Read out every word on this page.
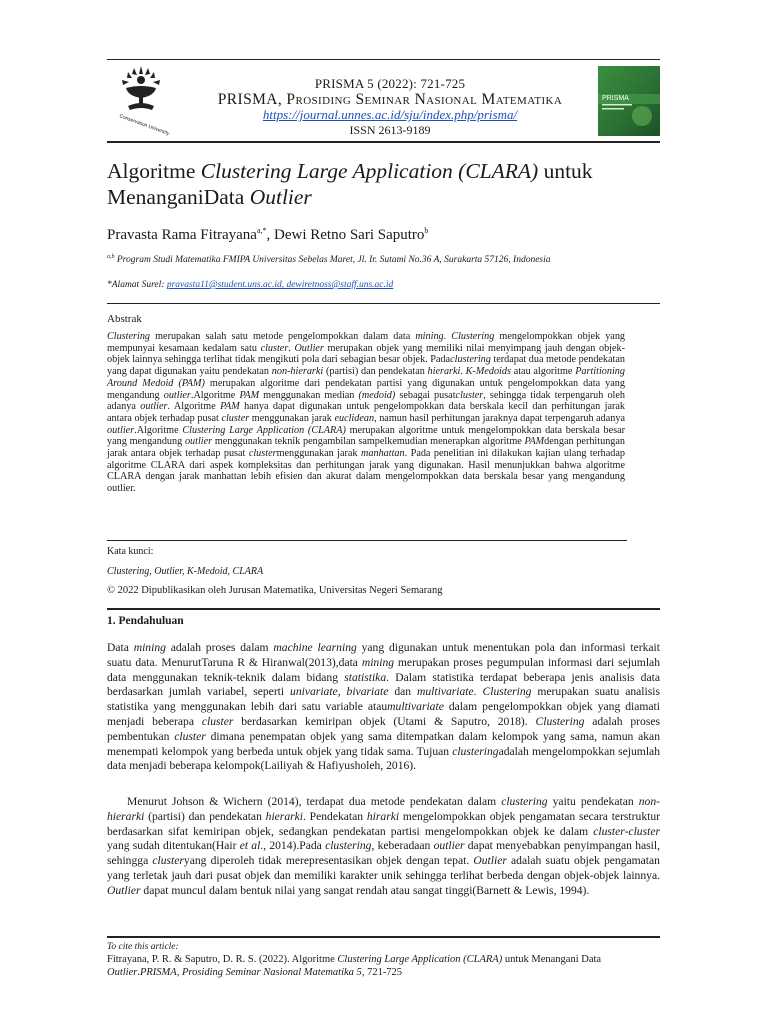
Conservation University
PRISMA 5 (2022): 721-725
PRISMA, Prosiding Seminar Nasional Matematika
https://journal.unnes.ac.id/sju/index.php/prisma/
ISSN 2613-9189
PRISMA
Algoritme Clustering Large Application (CLARA) untuk MenanganiData Outlier
Pravasta Rama Fitrayana$^{a,*}$, Dewi Retno Sari Saputro$^b$
$^{a,b}$ Program Studi Matematika FMIPA Universitas Sebelas Maret, Jl. Ir. Sutami No.36 A, Surakarta 57126, Indonesia
*Alamat Surel: pravasta11@student.uns.ac.id, dewiretnoss@staff.uns.ac.id
Abstrak
Clustering merupakan salah satu metode pengelompokkan dalam data mining. Clustering mengelompokkan objek yang mempunyai kesamaan kedalam satu cluster. Outlier merupakan objek yang memiliki nilai menyimpang jauh dengan objek-objek lainnya sehingga terlihat tidak mengikuti pola dari sebagian besar objek. Padaclustering terdapat dua metode pendekatan yang dapat digunakan yaitu pendekatan non-hierarki (partisi) dan pendekatan hierarki. K-Medoids atau algoritme Partitioning Around Medoid (PAM) merupakan algoritme dari pendekatan partisi yang digunakan untuk pengelompokkan data yang mengandung outlier.Algoritme PAM menggunakan median (medoid) sebagai pusatcluster, sehingga tidak terpengaruh oleh adanya outlier. Algoritme PAM hanya dapat digunakan untuk pengelompokkan data berskala kecil dan perhitungan jarak antara objek terhadap pusat cluster menggunakan jarak euclidean, namun hasil perhitungan jaraknya dapat terpengaruh adanya outlier.Algoritme Clustering Large Application (CLARA) merupakan algoritme untuk mengelompokkan data berskala besar yang mengandung outlier menggunakan teknik pengambilan sampelkemudian menerapkan algoritme PAMdengan perhitungan jarak antara objek terhadap pusat clustermenggunakan jarak manhattan. Pada penelitian ini dilakukan kajian ulang terhadap algoritme CLARA dari aspek kompleksitas dan perhitungan jarak yang digunakan. Hasil menunjukkan bahwa algoritme CLARA dengan jarak manhattan lebih efisien dan akurat dalam mengelompokkan data berskala besar yang mengandung outlier.
Kata kunci:
Clustering, Outlier, K-Medoid, CLARA
© 2022 Dipublikasikan oleh Jurusan Matematika, Universitas Negeri Semarang
1. Pendahuluan
Data mining adalah proses dalam machine learning yang digunakan untuk menentukan pola dan informasi terkait suatu data. MenurutTaruna R & Hiranwal(2013),data mining merupakan proses pegumpulan informasi dari sejumlah data menggunakan teknik-teknik dalam bidang statistika. Dalam statistika terdapat beberapa jenis analisis data berdasarkan jumlah variabel, seperti univariate, bivariate dan multivariate. Clustering merupakan suatu analisis statistika yang menggunakan lebih dari satu variable ataumultivariate dalam pengelompokkan objek yang diamati menjadi beberapa cluster berdasarkan kemiripan objek (Utami & Saputro, 2018). Clustering adalah proses pembentukan cluster dimana penempatan objek yang sama ditempatkan dalam kelompok yang sama, namun akan menempati kelompok yang berbeda untuk objek yang tidak sama. Tujuan clusteringadalah mengelompokkan sejumlah data menjadi beberapa kelompok(Lailiyah & Hafiyusholeh, 2016).
Menurut Johson & Wichern (2014), terdapat dua metode pendekatan dalam clustering yaitu pendekatan non-hierarki (partisi) dan pendekatan hierarki. Pendekatan hirarki mengelompokkan objek pengamatan secara terstruktur berdasarkan sifat kemiripan objek, sedangkan pendekatan partisi mengelompokkan objek ke dalam cluster-cluster yang sudah ditentukan(Hair et al., 2014).Pada clustering, keberadaan outlier dapat menyebabkan penyimpangan hasil, sehingga clusteryang diperoleh tidak merepresentasikan objek dengan tepat. Outlier adalah suatu objek pengamatan yang terletak jauh dari pusat objek dan memiliki karakter unik sehingga terlihat berbeda dengan objek-objek lainnya. Outlier dapat muncul dalam bentuk nilai yang sangat rendah atau sangat tinggi(Barnett & Lewis, 1994).
To cite this article:
Fitrayana, P. R. & Saputro, D. R. S. (2022). Algoritme Clustering Large Application (CLARA) untuk Menangani Data Outlier.PRISMA, Prosiding Seminar Nasional Matematika 5, 721-725
